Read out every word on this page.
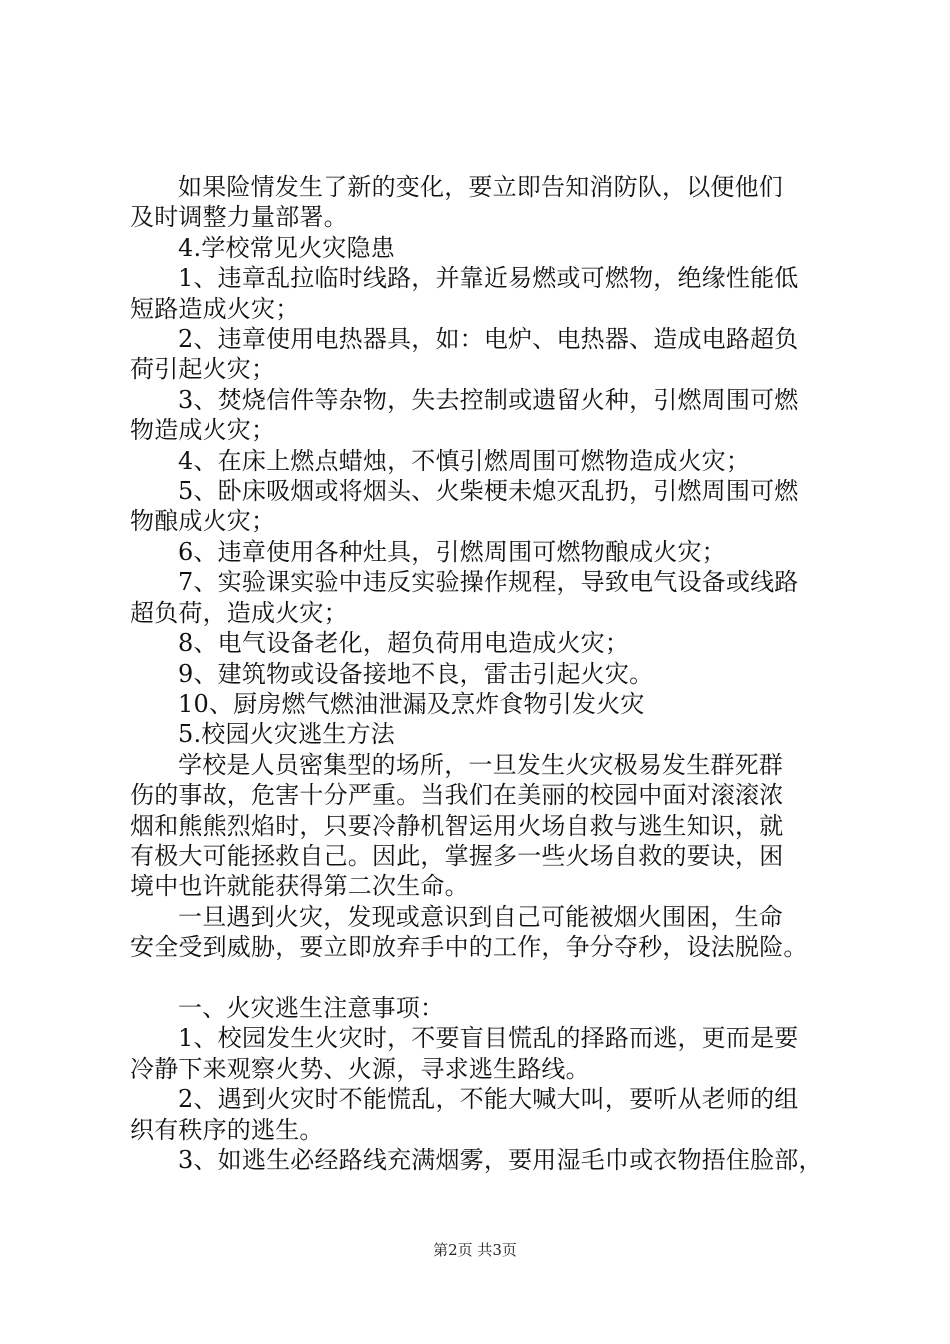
如果险情发生了新的变化，要立即告知消防队，以便他们
及时调整力量部署。
4.学校常见火灾隐患
1、违章乱拉临时线路，并靠近易燃或可燃物，绝缘性能低
短路造成火灾；
2、违章使用电热器具，如：电炉、电热器、造成电路超负
荷引起火灾；
3、焚烧信件等杂物，失去控制或遗留火种，引燃周围可燃
物造成火灾；
4、在床上燃点蜡烛，不慎引燃周围可燃物造成火灾；
5、卧床吸烟或将烟头、火柴梗未熄灭乱扔，引燃周围可燃
物酿成火灾；
6、违章使用各种灶具，引燃周围可燃物酿成火灾；
7、实验课实验中违反实验操作规程，导致电气设备或线路
超负荷，造成火灾；
8、电气设备老化，超负荷用电造成火灾；
9、建筑物或设备接地不良，雷击引起火灾。
10、厨房燃气燃油泄漏及烹炸食物引发火灾
5.校园火灾逃生方法
学校是人员密集型的场所，一旦发生火灾极易发生群死群
伤的事故，危害十分严重。当我们在美丽的校园中面对滚滚浓
烟和熊熊烈焰时，只要冷静机智运用火场自救与逃生知识，就
有极大可能拯救自己。因此，掌握多一些火场自救的要诀，困
境中也许就能获得第二次生命。
一旦遇到火灾，发现或意识到自己可能被烟火围困，生命
安全受到威胁，要立即放弃手中的工作，争分夺秒，设法脱险。
一、火灾逃生注意事项：
1、校园发生火灾时，不要盲目慌乱的择路而逃，更而是要
冷静下来观察火势、火源，寻求逃生路线。
2、遇到火灾时不能慌乱，不能大喊大叫，要听从老师的组
织有秩序的逃生。
3、如逃生必经路线充满烟雾，要用湿毛巾或衣物捂住脸部，
第2页 共3页
